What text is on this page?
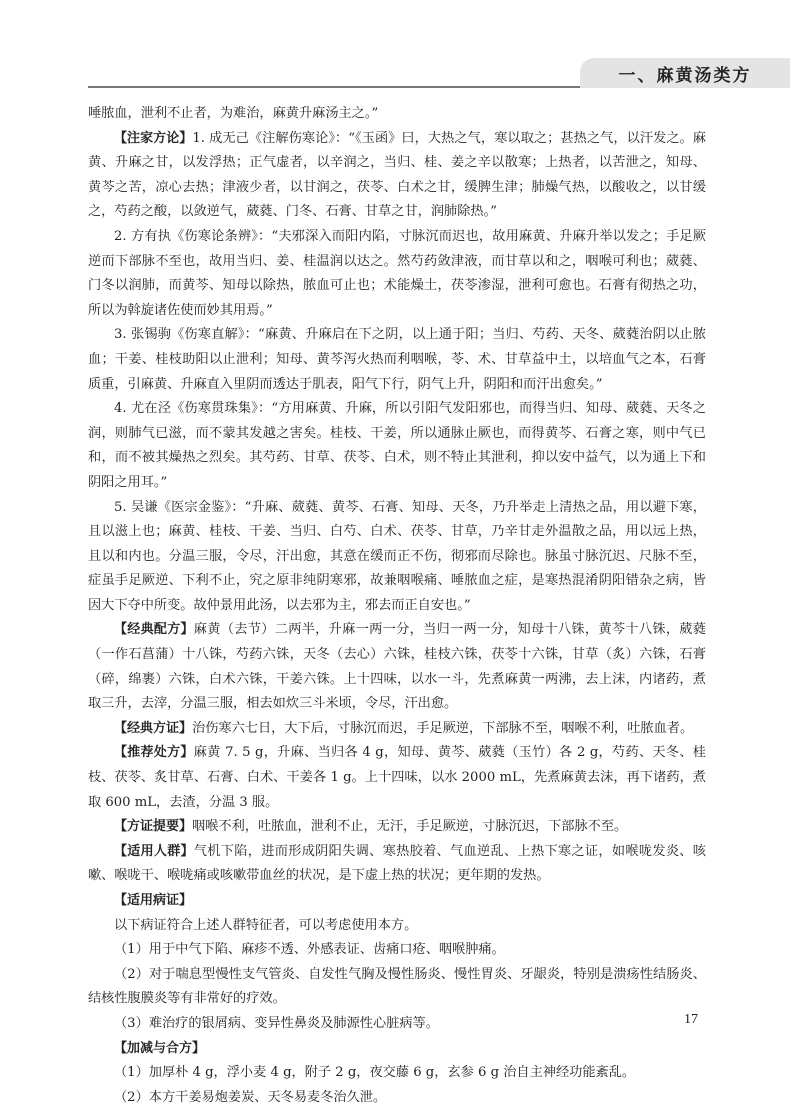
一、麻黄汤类方

唾脓血，泄利不止者，为难治，麻黄升麻汤主之。”

【注家方论】1. 成无己《注解伤寒论》：“《玉函》曰，大热之气，寒以取之；甚热之气，以汗发之。麻黄、升麻之甘，以发浮热；正气虚者，以辛润之，当归、桂、姜之辛以散寒；上热者，以苦泄之，知母、黄芩之苦，凉心去热；津液少者，以甘润之，茯苓、白术之甘，缓脾生津；肺燥气热，以酸收之，以甘缓之，芍药之酸，以敛逆气，葳蕤、门冬、石膏、甘草之甘，润肺除热。”

2. 方有执《伤寒论条辨》：“夫邪深入而阳内陷，寸脉沉而迟也，故用麻黄、升麻升举以发之；手足厥逆而下部脉不至也，故用当归、姜、桂温润以达之。然芍药敛津液，而甘草以和之，咽喉可利也；葳蕤、门冬以润肺，而黄芩、知母以除热，脓血可止也；术能燥土，茯苓渗湿，泄利可愈也。石膏有彻热之功，所以为斡旋诸佐使而妙其用焉。”

3. 张锡驹《伤寒直解》：“麻黄、升麻启在下之阴，以上通于阳；当归、芍药、天冬、葳蕤治阴以止脓血；干姜、桂枝助阳以止泄利；知母、黄芩泻火热而利咽喉，苓、术、甘草益中土，以培血气之本，石膏质重，引麻黄、升麻直入里阴而透达于肌表，阳气下行，阴气上升，阴阳和而汗出愈矣。”

4. 尤在泾《伤寒贯珠集》：“方用麻黄、升麻，所以引阳气发阳邪也，而得当归、知母、葳蕤、天冬之润，则肺气已滋，而不蒙其发越之害矣。桂枝、干姜，所以通脉止厥也，而得黄芩、石膏之寒，则中气已和，而不被其燥热之烈矣。其芍药、甘草、茯苓、白术，则不特止其泄利，抑以安中益气，以为通上下和阴阳之用耳。”

5. 吴谦《医宗金鉴》：“升麻、葳蕤、黄芩、石膏、知母、天冬，乃升举走上清热之品，用以避下寒，且以滋上也；麻黄、桂枝、干姜、当归、白芍、白术、茯苓、甘草，乃辛甘走外温散之品，用以远上热，且以和内也。分温三服，令尽，汗出愈，其意在缓而正不伤，彻邪而尽除也。脉虽寸脉沉迟、尺脉不至，症虽手足厥逆、下利不止，究之原非纯阴寒邪，故兼咽喉痛、唾脓血之症，是寒热混淆阴阳错杂之病，皆因大下夺中所变。故仲景用此汤，以去邪为主，邪去而正自安也。”

【经典配方】麻黄（去节）二两半，升麻一两一分，当归一两一分，知母十八铢，黄芩十八铢，葳蕤（一作石菖蒲）十八铢，芍药六铢，天冬（去心）六铢，桂枝六铢，茯苓十六铢，甘草（炙）六铢，石膏（碎，绵裹）六铢，白术六铢，干姜六铢。上十四味，以水一斗，先煮麻黄一两沸，去上沫，内诸药，煮取三升，去滓，分温三服，相去如炊三斗米顷，令尽，汗出愈。

【经典方证】治伤寒六七日，大下后，寸脉沉而迟，手足厥逆，下部脉不至，咽喉不利，吐脓血者。

【推荐处方】麻黄 7. 5 g，升麻、当归各 4 g，知母、黄芩、葳蕤（玉竹）各 2 g，芍药、天冬、桂枝、茯苓、炙甘草、石膏、白术、干姜各 1 g。上十四味，以水 2000 mL，先煮麻黄去沫，再下诸药，煮取 600 mL，去渣，分温 3 服。

【方证提要】咽喉不利，吐脓血，泄利不止，无汗，手足厥逆，寸脉沉迟，下部脉不至。

【适用人群】气机下陷，进而形成阴阳失调、寒热胶着、气血逆乱、上热下寒之证，如喉咙发炎、咳嗽、喉咙干、喉咙痛或咳嗽带血丝的状况，是下虚上热的状况；更年期的发热。

【适用病证】

以下病证符合上述人群特征者，可以考虑使用本方。

（1）用于中气下陷、麻疹不透、外感表证、齿痛口疮、咽喉肿痛。

（2）对于喘息型慢性支气管炎、自发性气胸及慢性肠炎、慢性胃炎、牙龈炎，特别是溃疡性结肠炎、结核性腹膜炎等有非常好的疗效。

（3）难治疗的银屑病、变异性鼻炎及肺源性心脏病等。

【加减与合方】

（1）加厚朴 4 g，浮小麦 4 g，附子 2 g，夜交藤 6 g，玄参 6 g 治自主神经功能紊乱。

（2）本方干姜易炮姜炭、天冬易麦冬治久泄。

17
